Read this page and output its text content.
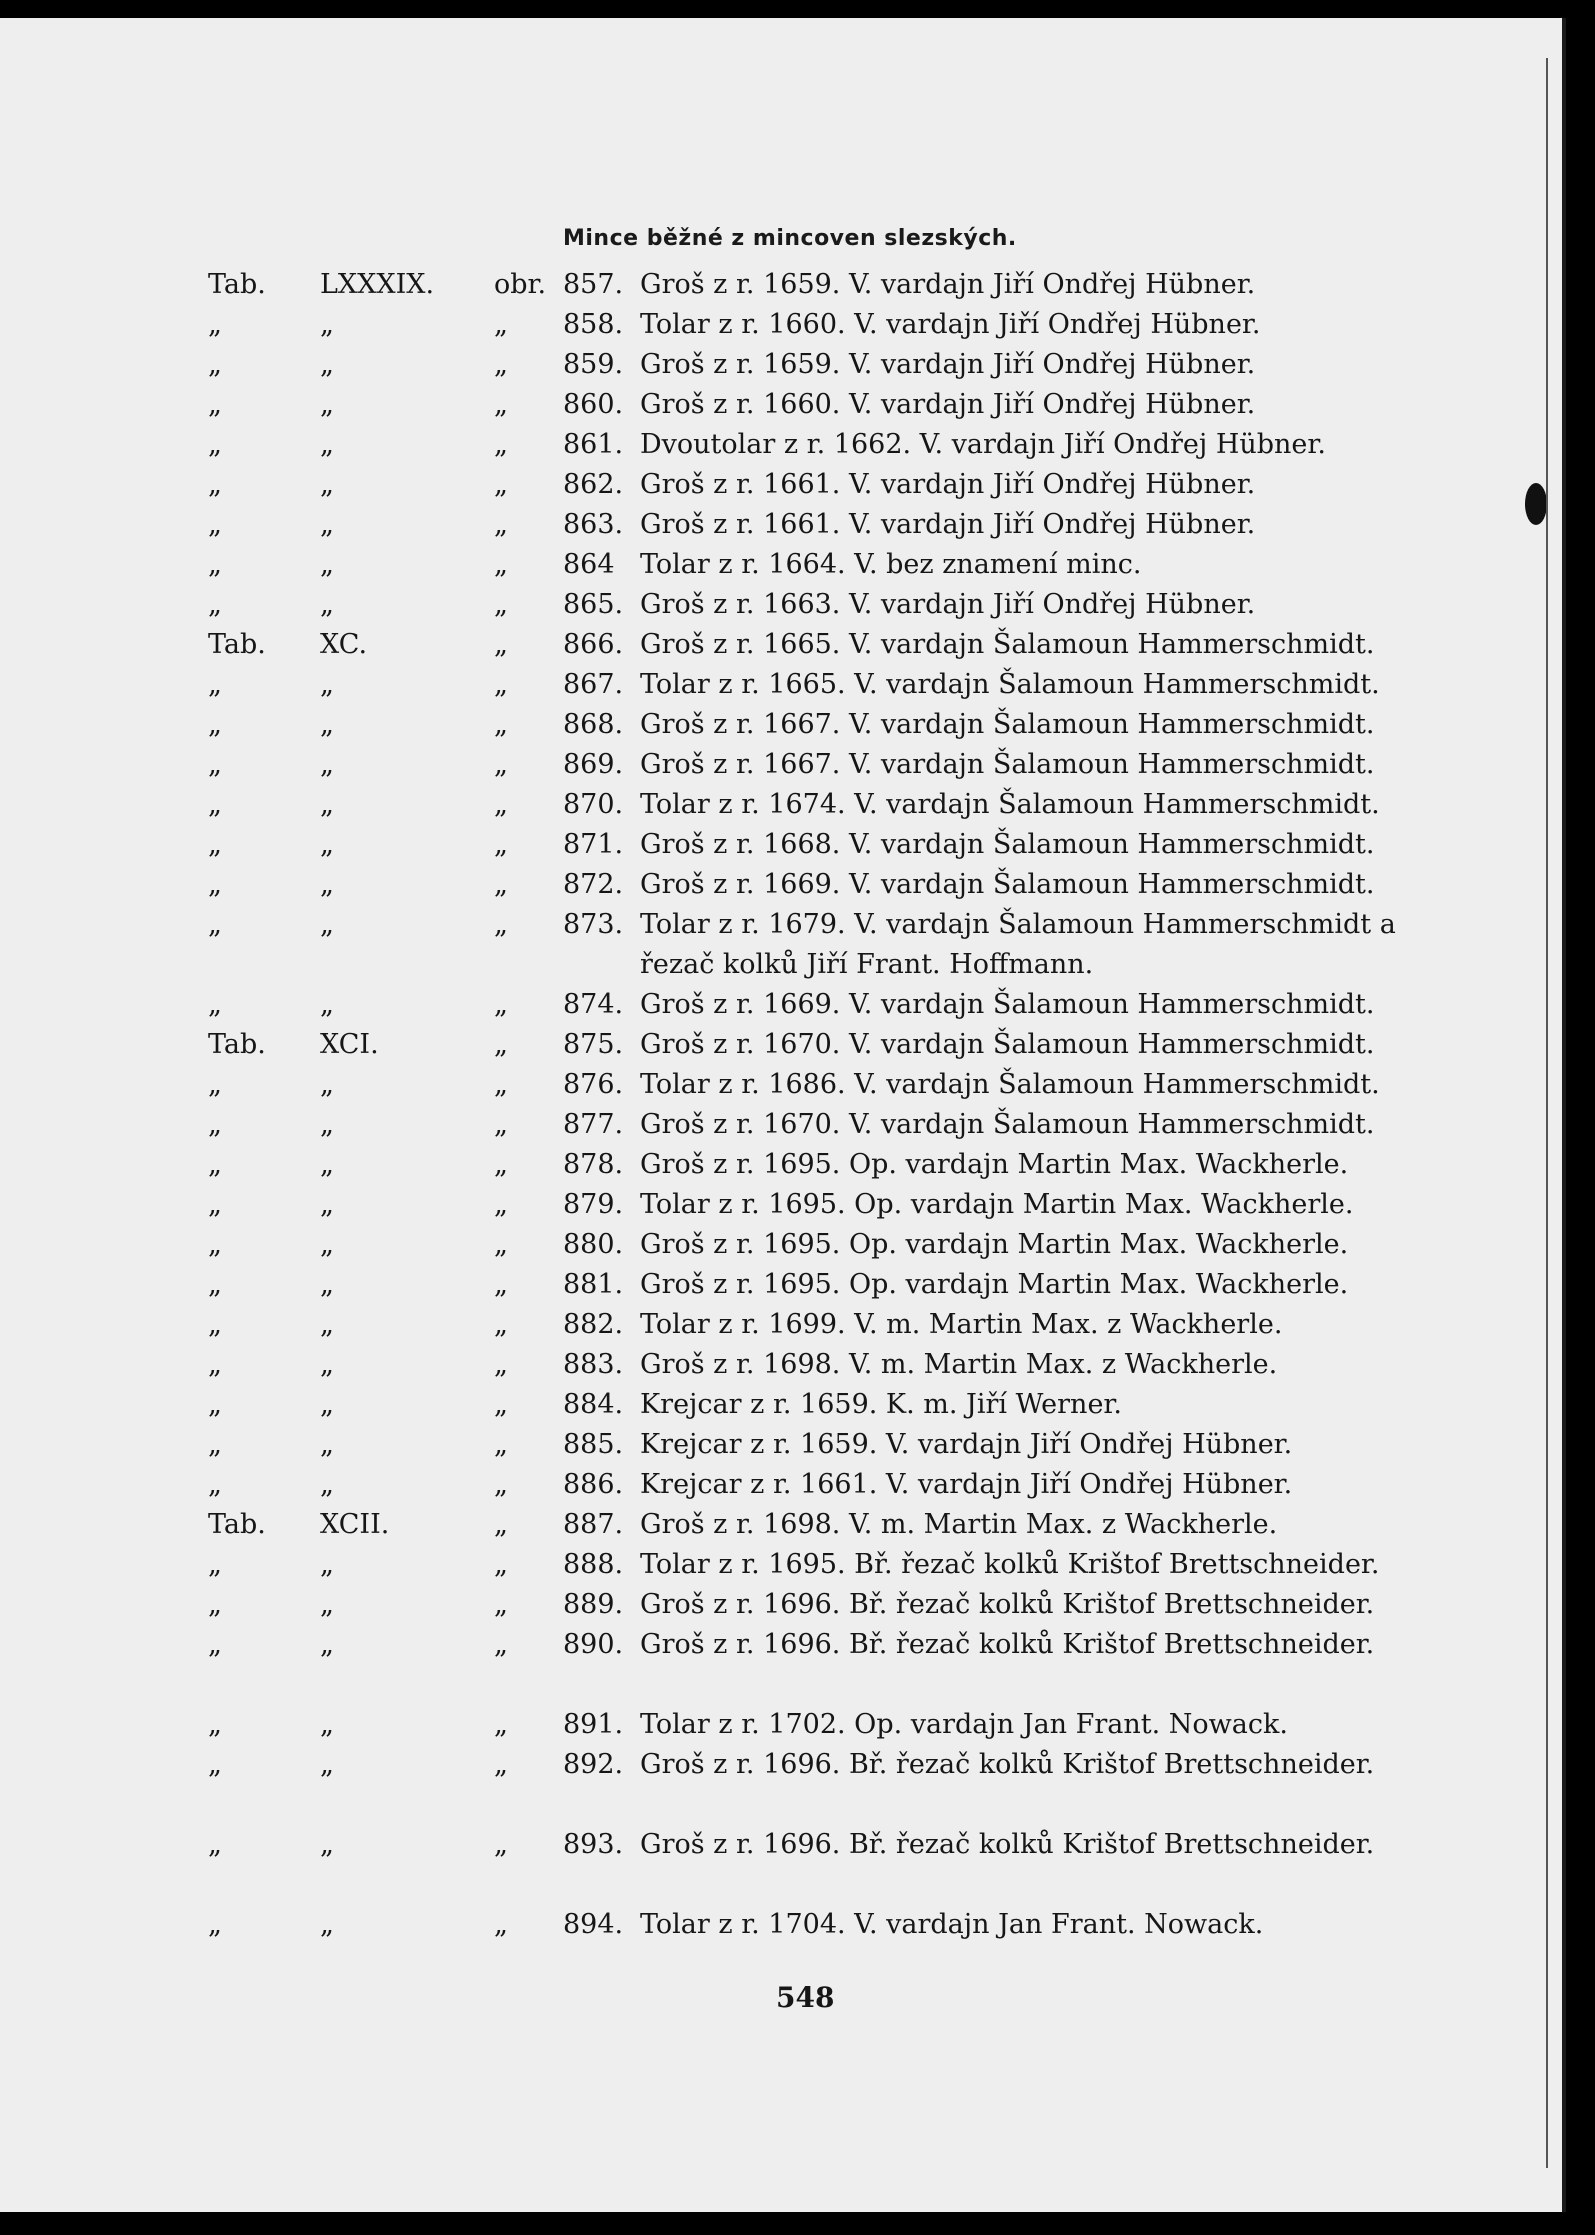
Mince běžné z mincoven slezských.
Tab. LXXXIX. obr. 857. Groš z r. 1659. V. vardajn Jiří Ondřej Hübner.
„	„	„ 858. Tolar z r. 1660. V. vardajn Jiří Ondřej Hübner.
„	„	„ 859. Groš z r. 1659. V. vardajn Jiří Ondřej Hübner.
„	„	„ 860. Groš z r. 1660. V. vardajn Jiří Ondřej Hübner.
„	„	„ 861. Dvoutolar z r. 1662. V. vardajn Jiří Ondřej Hübner.
„	„	„ 862. Groš z r. 1661. V. vardajn Jiří Ondřej Hübner.
„	„	„ 863. Groš z r. 1661. V. vardajn Jiří Ondřej Hübner.
„	„	„ 864 Tolar z r. 1664. V. bez znamení minc.
„	„	„ 865. Groš z r. 1663. V. vardajn Jiří Ondřej Hübner.
Tab. XC.	„ 866. Groš z r. 1665. V. vardajn Šalamoun Hammerschmidt.
„	„	„ 867. Tolar z r. 1665. V. vardajn Šalamoun Hammerschmidt.
„	„	„ 868. Groš z r. 1667. V. vardajn Šalamoun Hammerschmidt.
„	„	„ 869. Groš z r. 1667. V. vardajn Šalamoun Hammerschmidt.
„	„	„ 870. Tolar z r. 1674. V. vardajn Šalamoun Hammerschmidt.
„	„	„ 871. Groš z r. 1668. V. vardajn Šalamoun Hammerschmidt.
„	„	„ 872. Groš z r. 1669. V. vardajn Šalamoun Hammerschmidt.
„	„	„ 873. Tolar z r. 1679. V. vardajn Šalamoun Hammerschmidt a řezač kolků Jiří Frant. Hoffmann.
„	„	„ 874. Groš z r. 1669. V. vardajn Šalamoun Hammerschmidt.
Tab. XCI.	„ 875. Groš z r. 1670. V. vardajn Šalamoun Hammerschmidt.
„	„	„ 876. Tolar z r. 1686. V. vardajn Šalamoun Hammerschmidt.
„	„	„ 877. Groš z r. 1670. V. vardajn Šalamoun Hammerschmidt.
„	„	„ 878. Groš z r. 1695. Op. vardajn Martin Max. Wackherle.
„	„	„ 879. Tolar z r. 1695. Op. vardajn Martin Max. Wackherle.
„	„	„ 880. Groš z r. 1695. Op. vardajn Martin Max. Wackherle.
„	„	„ 881. Groš z r. 1695. Op. vardajn Martin Max. Wackherle.
„	„	„ 882. Tolar z r. 1699. V. m. Martin Max. z Wackherle.
„	„	„ 883. Groš z r. 1698. V. m. Martin Max. z Wackherle.
„	„	„ 884. Krejcar z r. 1659. K. m. Jiří Werner.
„	„	„ 885. Krejcar z r. 1659. V. vardajn Jiří Ondřej Hübner.
„	„	„ 886. Krejcar z r. 1661. V. vardajn Jiří Ondřej Hübner.
Tab. XCII.	„ 887. Groš z r. 1698. V. m. Martin Max. z Wackherle.
„	„	„ 888. Tolar z r. 1695. Bř. řezač kolků Krištof Brettschneider.
„	„	„ 889. Groš z r. 1696. Bř. řezač kolků Krištof Brettschneider.
„	„	„ 890. Groš z r. 1696. Bř. řezač kolků Krištof Brettschneider.
„	„	„ 891. Tolar z r. 1702. Op. vardajn Jan Frant. Nowack.
„	„	„ 892. Groš z r. 1696. Bř. řezač kolků Krištof Brettschneider.
„	„	„ 893. Groš z r. 1696. Bř. řezač kolků Krištof Brettschneider.
„	„	„ 894. Tolar z r. 1704. V. vardajn Jan Frant. Nowack.
548
